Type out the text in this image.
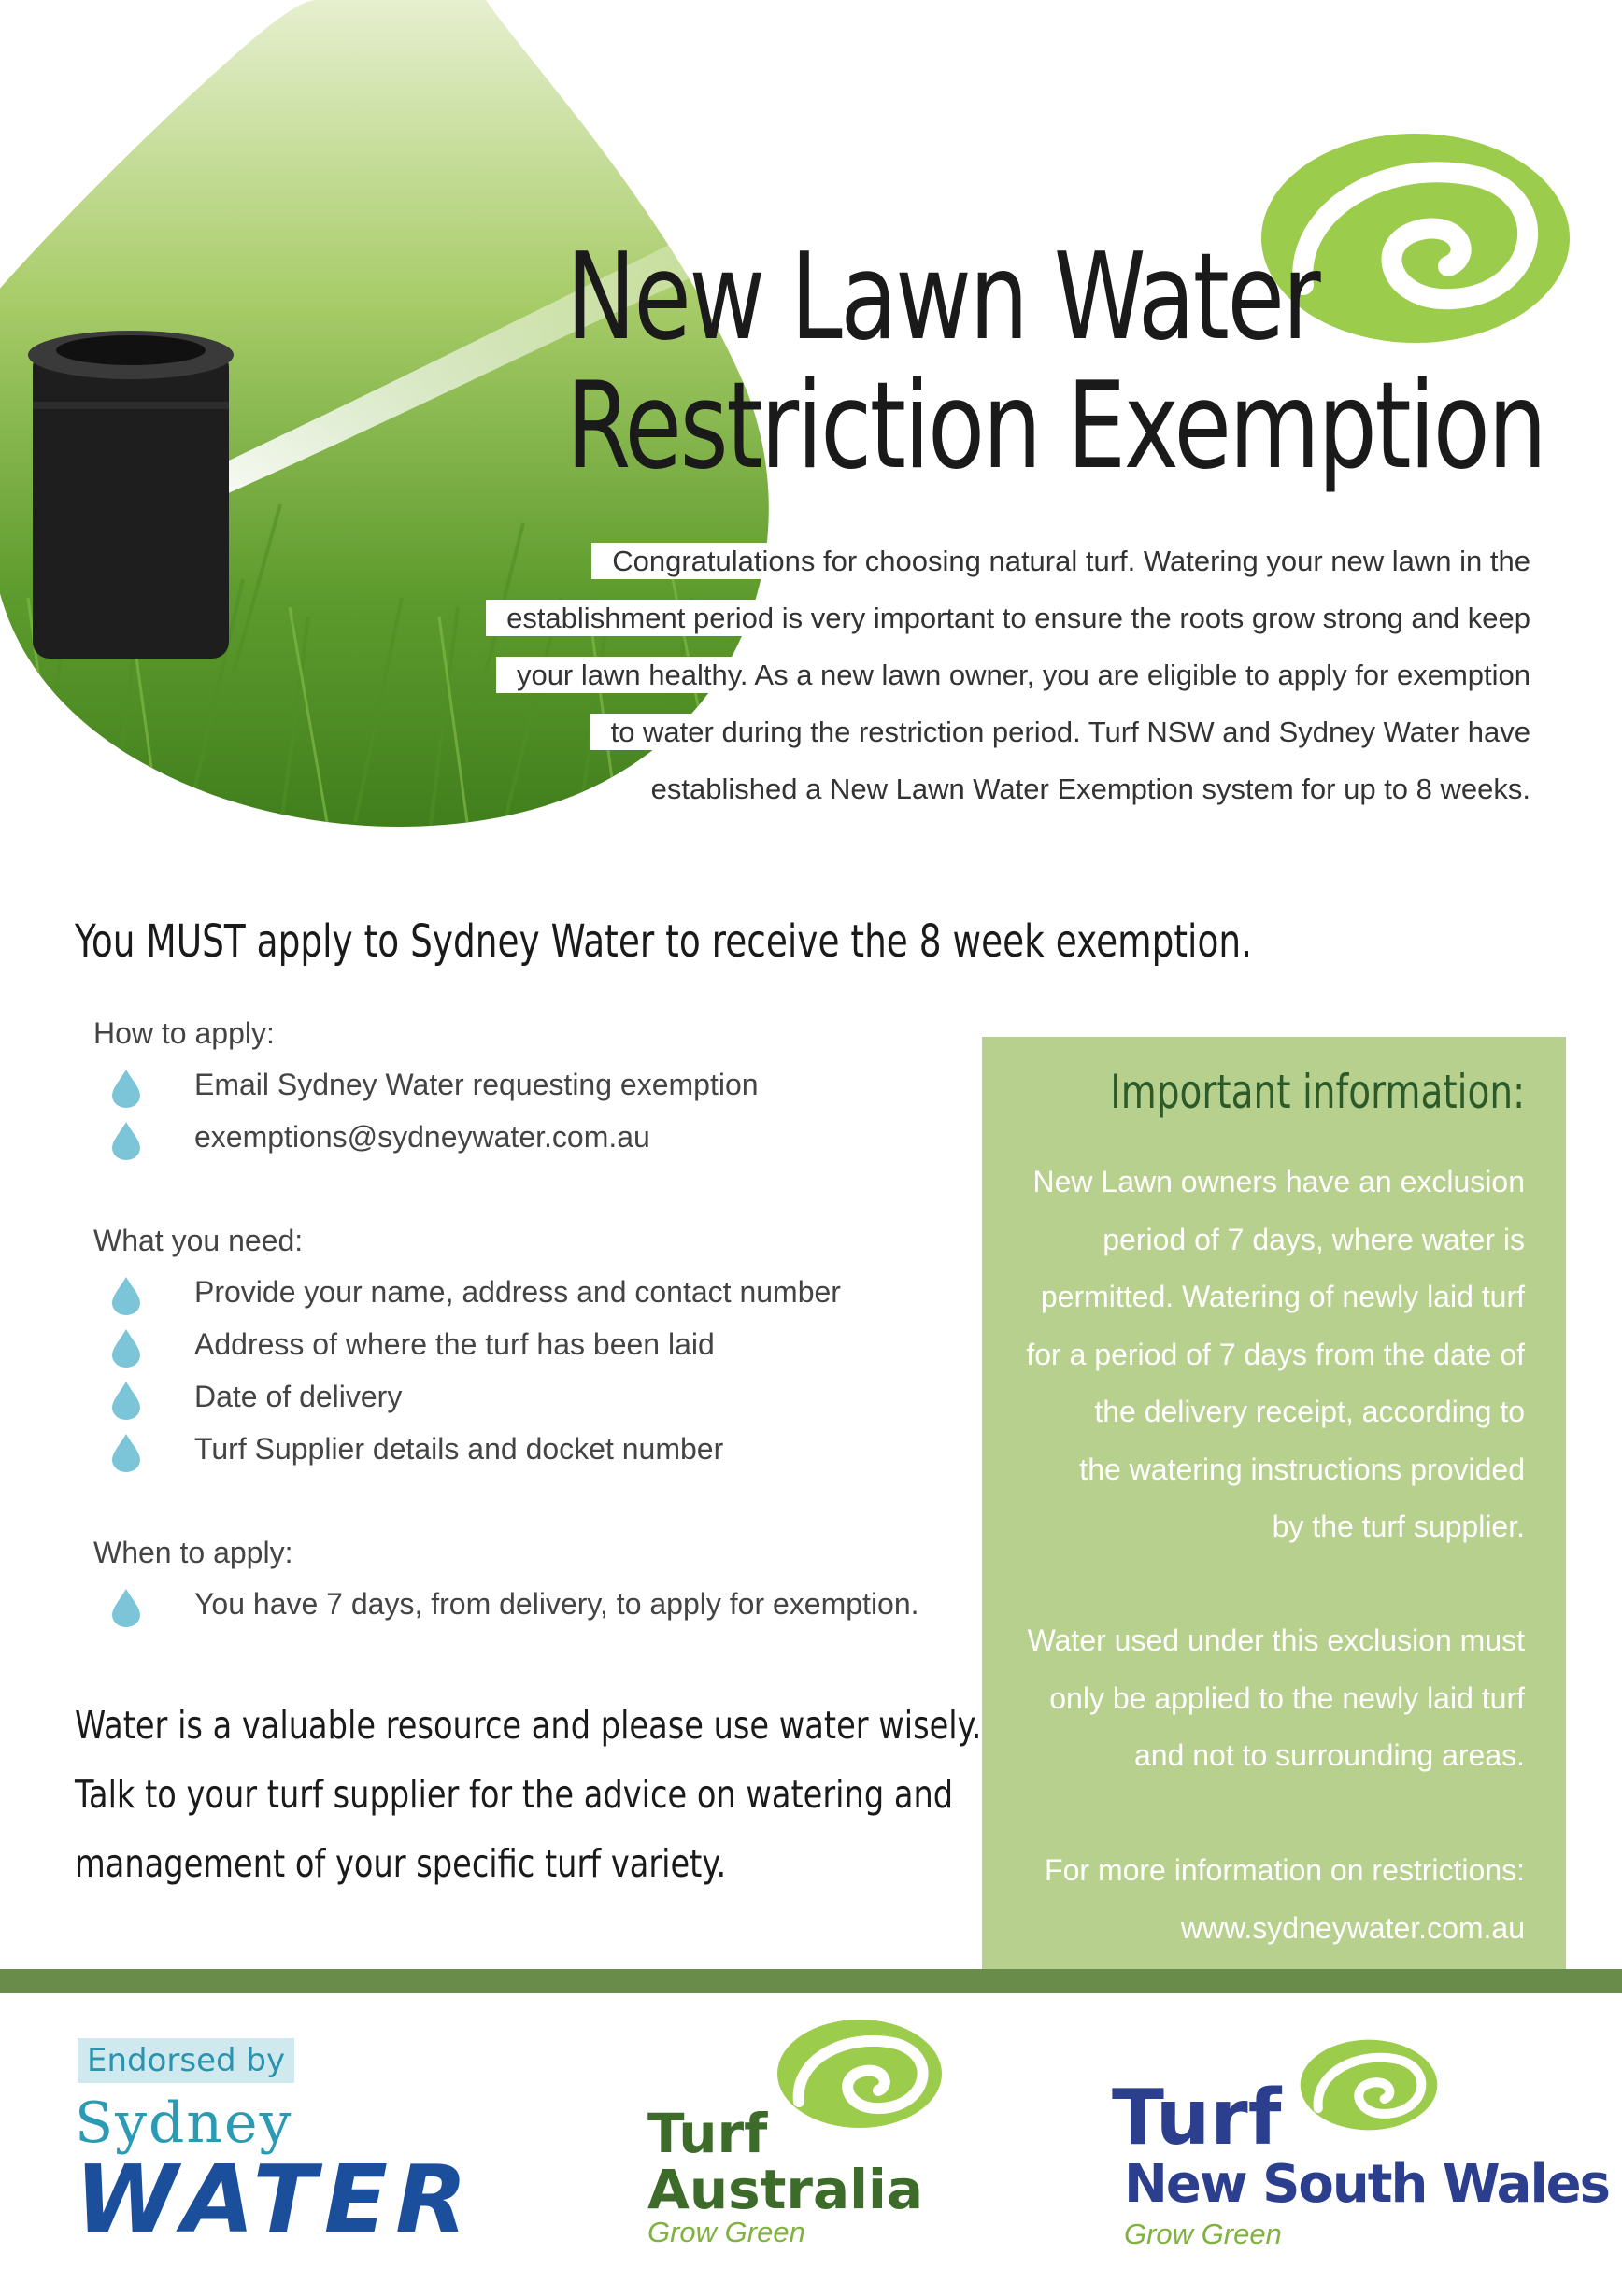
New Lawn Water
Restriction Exemption
Congratulations for choosing natural turf. Watering your new lawn in the
establishment period is very important to ensure the roots grow strong and keep
your lawn healthy. As a new lawn owner, you are eligible to apply for exemption
to water during the restriction period. Turf NSW and Sydney Water have
established a New Lawn Water Exemption system for up to 8 weeks.
You MUST apply to Sydney Water to receive the 8 week exemption.
How to apply:
Email Sydney Water requesting exemption
exemptions@sydneywater.com.au
What you need:
Provide your name, address and contact number
Address of where the turf has been laid
Date of delivery
Turf Supplier details and docket number
When to apply:
You have 7 days, from delivery, to apply for exemption.
Water is a valuable resource and please use water wisely.
Talk to your turf supplier for the advice on watering and
management of your specific turf variety.
Important information:
New Lawn owners have an exclusion
period of 7 days, where water is
permitted. Watering of newly laid turf
for a period of 7 days from the date of
the delivery receipt, according to
the watering instructions provided
by the turf supplier.
Water used under this exclusion must
only be applied to the newly laid turf
and not to surrounding areas.
For more information on restrictions:
www.sydneywater.com.au
Endorsed by
Sydney
WATER
Turf
Australia
Grow Green
Turf
New South Wales
Grow Green
